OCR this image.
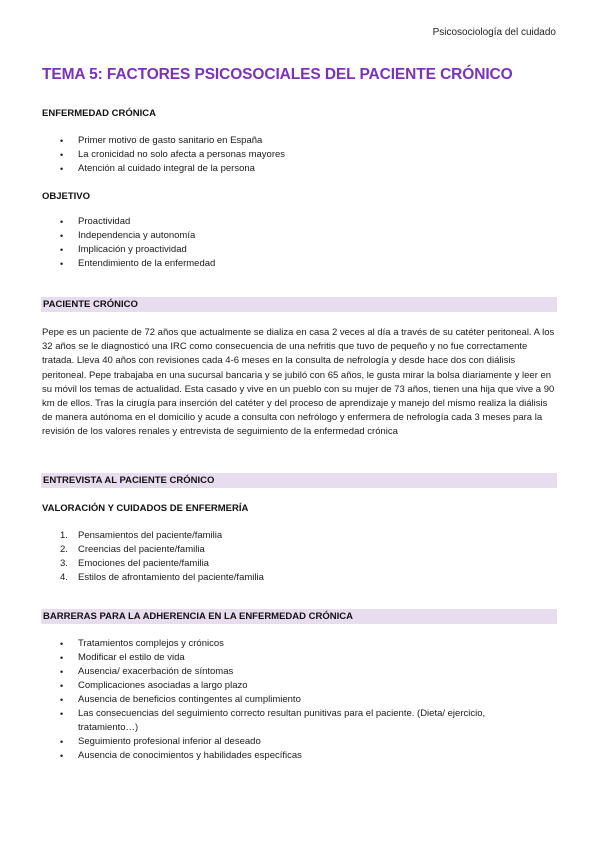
Psicosociología del cuidado
TEMA 5: FACTORES PSICOSOCIALES DEL PACIENTE CRÓNICO
ENFERMEDAD CRÓNICA
• Primer motivo de gasto sanitario en España
• La cronicidad no solo afecta a personas mayores
• Atención al cuidado integral de la persona
OBJETIVO
• Proactividad
• Independencia y autonomía
• Implicación y proactividad
• Entendimiento de la enfermedad
PACIENTE CRÓNICO
Pepe es un paciente de 72 años que actualmente se dializa en casa 2 veces al día a través de su catéter peritoneal. A los 32 años se le diagnosticó una IRC como consecuencia de una nefritis que tuvo de pequeño y no fue correctamente tratada. Lleva 40 años con revisiones cada 4-6 meses en la consulta de nefrología y desde hace dos con diálisis peritoneal. Pepe trabajaba en una sucursal bancaria y se jubiló con 65 años, le gusta mirar la bolsa diariamente y leer en su móvil los temas de actualidad. Esta casado y vive en un pueblo con su mujer de 73 años, tienen una hija que vive a 90 km de ellos. Tras la cirugía para inserción del catéter y del proceso de aprendizaje y manejo del mismo realiza la diálisis de manera autónoma en el domicilio y acude a consulta con nefrólogo y enfermera de nefrología cada 3 meses para la revisión de los valores renales y entrevista de seguimiento de la enfermedad crónica
ENTREVISTA AL PACIENTE CRÓNICO
VALORACIÓN Y CUIDADOS DE ENFERMERÍA
1. Pensamientos del paciente/familia
2. Creencias del paciente/familia
3. Emociones del paciente/familia
4. Estilos de afrontamiento del paciente/familia
BARRERAS PARA LA ADHERENCIA EN LA ENFERMEDAD CRÓNICA
• Tratamientos complejos y crónicos
• Modificar el estilo de vida
• Ausencia/ exacerbación de síntomas
• Complicaciones asociadas a largo plazo
• Ausencia de beneficios contingentes al cumplimiento
• Las consecuencias del seguimiento correcto resultan punitivas para el paciente. (Dieta/ ejercicio, tratamiento…)
• Seguimiento profesional inferior al deseado
• Ausencia de conocimientos y habilidades específicas
